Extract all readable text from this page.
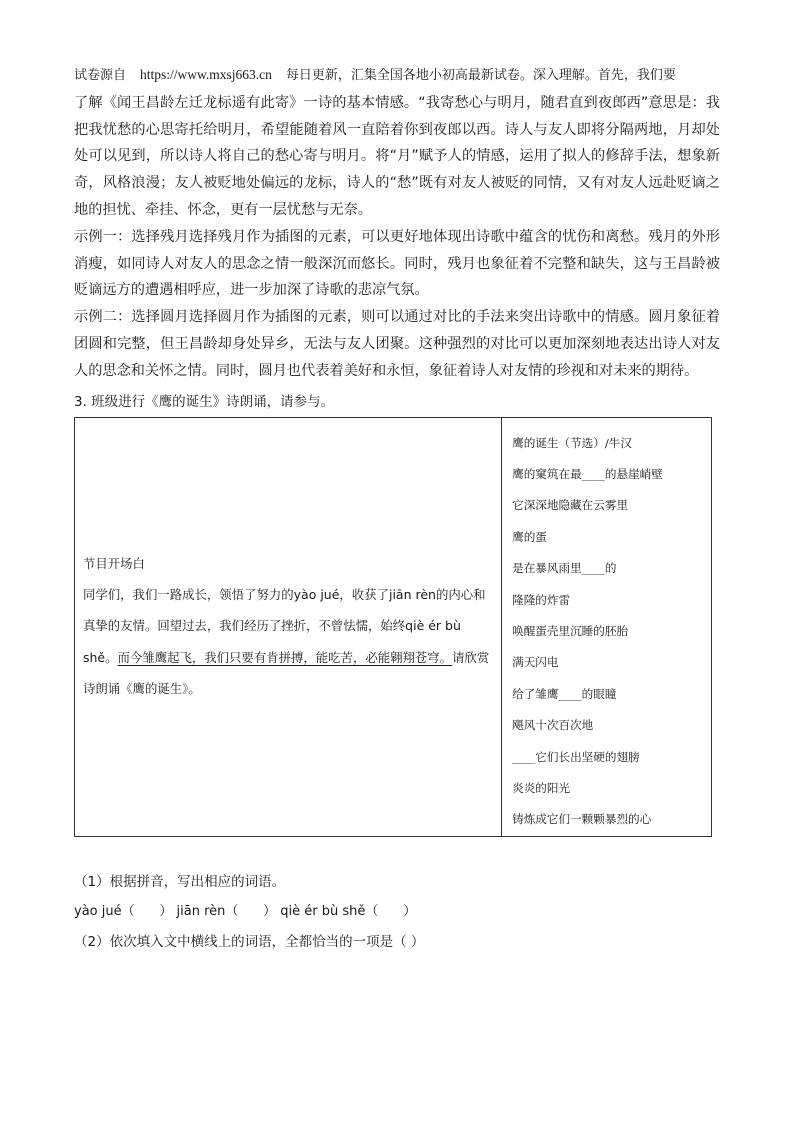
试卷源自 https://www.mxsj663.cn 每日更新，汇集全国各地小初高最新试卷。深入理解。首先，我们要

了解《闻王昌龄左迁龙标遥有此寄》一诗的基本情感。“我寄愁心与明月，随君直到夜郎西”意思是：我把我忧愁的心思寄托给明月，希望能随着风一直陪着你到夜郎以西。诗人与友人即将分隔两地，月却处处可以见到，所以诗人将自己的愁心寄与明月。将“月”赋予人的情感，运用了拟人的修辞手法，想象新奇，风格浪漫；友人被贬地处偏远的龙标，诗人的“愁”既有对友人被贬的同情，又有对友人远赴贬谪之地的担忧、牵挂、怀念，更有一层忧愁与无奈。

示例一：选择残月选择残月作为插图的元素，可以更好地体现出诗歌中蕴含的忧伤和离愁。残月的外形消瘦，如同诗人对友人的思念之情一般深沉而悠长。同时，残月也象征着不完整和缺失，这与王昌龄被贬谪远方的遭遇相呼应，进一步加深了诗歌的悲凉气氛。

示例二：选择圆月选择圆月作为插图的元素，则可以通过对比的手法来突出诗歌中的情感。圆月象征着团圆和完整，但王昌龄却身处异乡，无法与友人团聚。这种强烈的对比可以更加深刻地表达出诗人对友人的思念和关怀之情。同时，圆月也代表着美好和永恒，象征着诗人对友情的珍视和对未来的期待。

3. 班级进行《鹰的诞生》诗朗诵，请参与。

节目开场白

同学们，我们一路成长，领悟了努力的yào jué，收获了jiān rèn的内心和真挚的友情。回望过去，我们经历了挫折，不曾怯懦，始终qiè ér bù shě。而今雏鹰起飞，我们只要有肯拼搏，能吃苦，必能翱翔苍穹。请欣赏诗朗诵《鹰的诞生》。

鹰的诞生（节选）/牛汉

鹰的窠筑在最____的悬崖峭壁

它深深地隐藏在云雾里

鹰的蛋

是在暴风雨里____的

隆隆的炸雷

唤醒蛋壳里沉睡的胚胎

满天闪电

给了雏鹰____的眼瞳

飓风十次百次地

____它们长出坚硬的翅膀

炎炎的阳光

铸炼成它们一颗颗暴烈的心

（1）根据拼音，写出相应的词语。

yào jué（      ） jiān rèn（      ） qiè ér bù shě（      ）

（2）依次填入文中横线上的词语，全都恰当的一项是（ ）
